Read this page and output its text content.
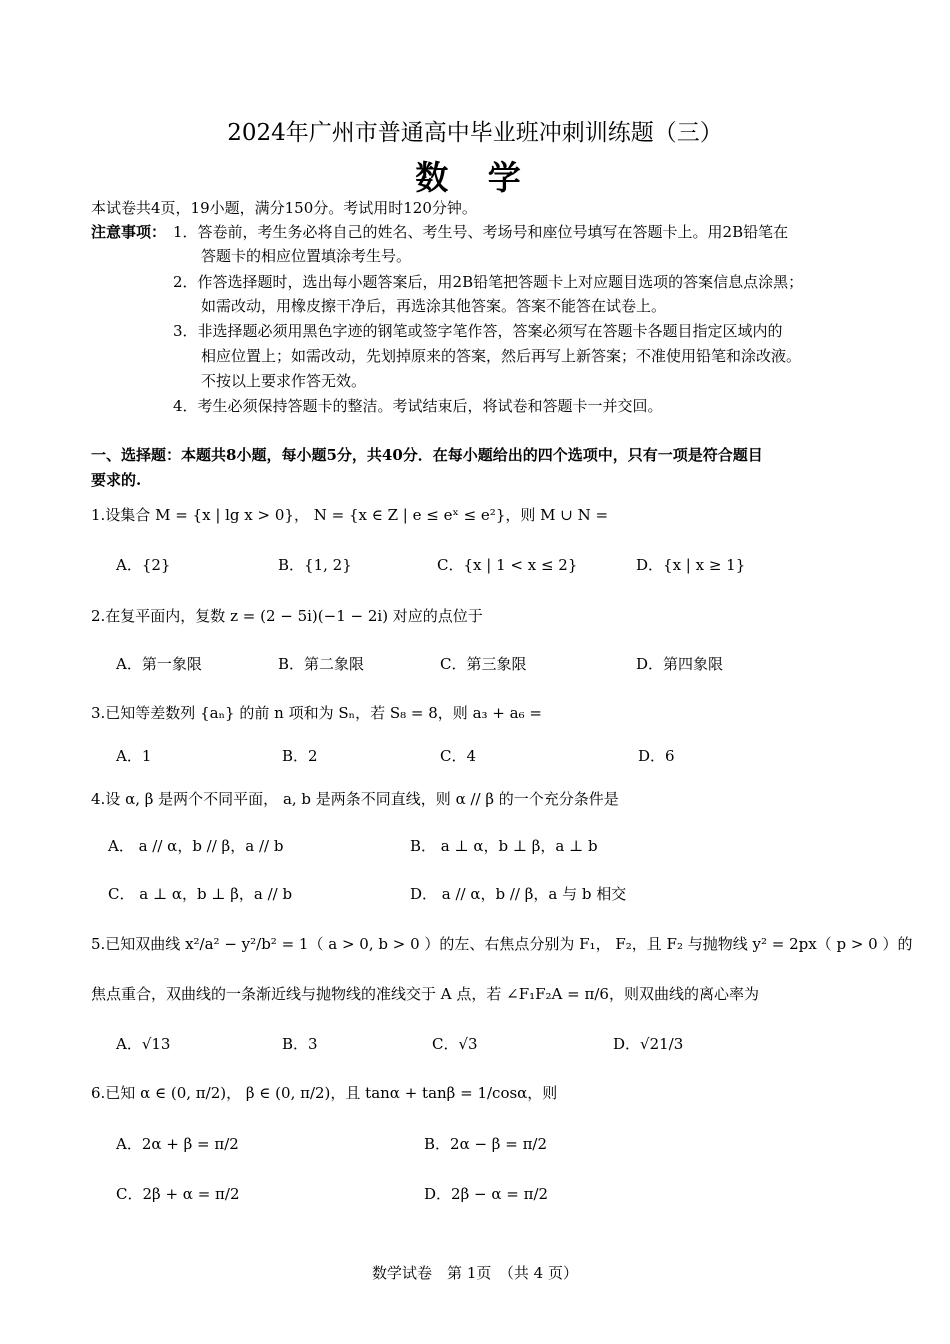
2024年广州市普通高中毕业班冲刺训练题（三）
数 学
本试卷共4页，19小题，满分150分。考试用时120分钟。
注意事项： 1．答卷前，考生务必将自己的姓名、考生号、考场号和座位号填写在答题卡上。用2B铅笔在
答题卡的相应位置填涂考生号。
2．作答选择题时，选出每小题答案后，用2B铅笔把答题卡上对应题目选项的答案信息点涂黑；
如需改动，用橡皮擦干净后，再选涂其他答案。答案不能答在试卷上。
3．非选择题必须用黑色字迹的钢笔或签字笔作答，答案必须写在答题卡各题目指定区域内的
相应位置上；如需改动，先划掉原来的答案，然后再写上新答案；不准使用铅笔和涂改液。
不按以上要求作答无效。
4．考生必须保持答题卡的整洁。考试结束后，将试卷和答题卡一并交回。
一、选择题：本题共8小题，每小题5分，共40分．在每小题给出的四个选项中，只有一项是符合题目
要求的.
1.设集合 M = {x | lg x > 0}， N = {x ∈ Z | e ≤ eˣ ≤ e²}，则 M ∪ N =
A．{2}	B．{1, 2}	C．{x | 1 < x ≤ 2}	D．{x | x ≥ 1}
2.在复平面内，复数 z = (2 − 5i)(−1 − 2i) 对应的点位于
A．第一象限	B．第二象限	C．第三象限	D．第四象限
3.已知等差数列 {aₙ} 的前 n 项和为 Sₙ，若 S₈ = 8，则 a₃ + a₆ =
A．1	B．2	C．4	D．6
4.设 α, β 是两个不同平面， a, b 是两条不同直线，则 α // β 的一个充分条件是
A． a // α，b // β，a // b	B． a ⊥ α，b ⊥ β，a ⊥ b
C． a ⊥ α，b ⊥ β，a // b	D． a // α，b // β，a 与 b 相交
5.已知双曲线 x²/a² − y²/b² = 1（ a > 0, b > 0 ）的左、右焦点分别为 F₁， F₂，且 F₂ 与抛物线 y² = 2px（ p > 0 ）的
焦点重合，双曲线的一条渐近线与抛物线的准线交于 A 点，若 ∠F₁F₂A = π/6，则双曲线的离心率为
A．√13	B．3	C．√3	D．√21/3
6.已知 α ∈ (0, π/2)， β ∈ (0, π/2)，且 tanα + tanβ = 1/cosα，则
A．2α + β = π/2	B．2α − β = π/2
C．2β + α = π/2	D．2β − α = π/2
数学试卷　第 1页　（共 4 页）
